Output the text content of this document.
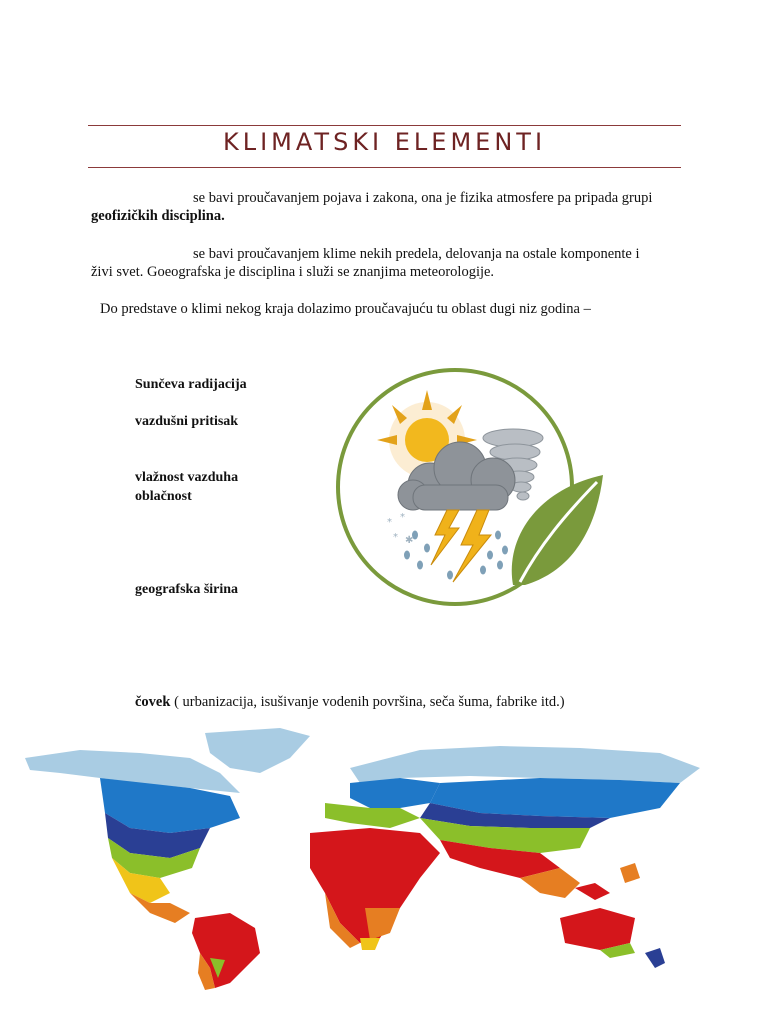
KLIMATSKI ELEMENTI
se bavi proučavanjem pojava i zakona, ona je fizika atmosfere pa pripada grupi
geofizičkih disciplina.
se bavi proučavanjem klime nekih predela, delovanja na ostale komponente i
živi svet. Goeografska je disciplina i služi se znanjima meteorologije.
Do predstave o klimi nekog kraja dolazimo proučavajuću tu oblast dugi niz godina –
Sunčeva radijacija
vazdušni pritisak
vlažnost vazduha
oblačnost
geografska širina
* *
* ✱
čovek ( urbanizacija, isušivanje vodenih površina, seča šuma, fabrike itd.)
